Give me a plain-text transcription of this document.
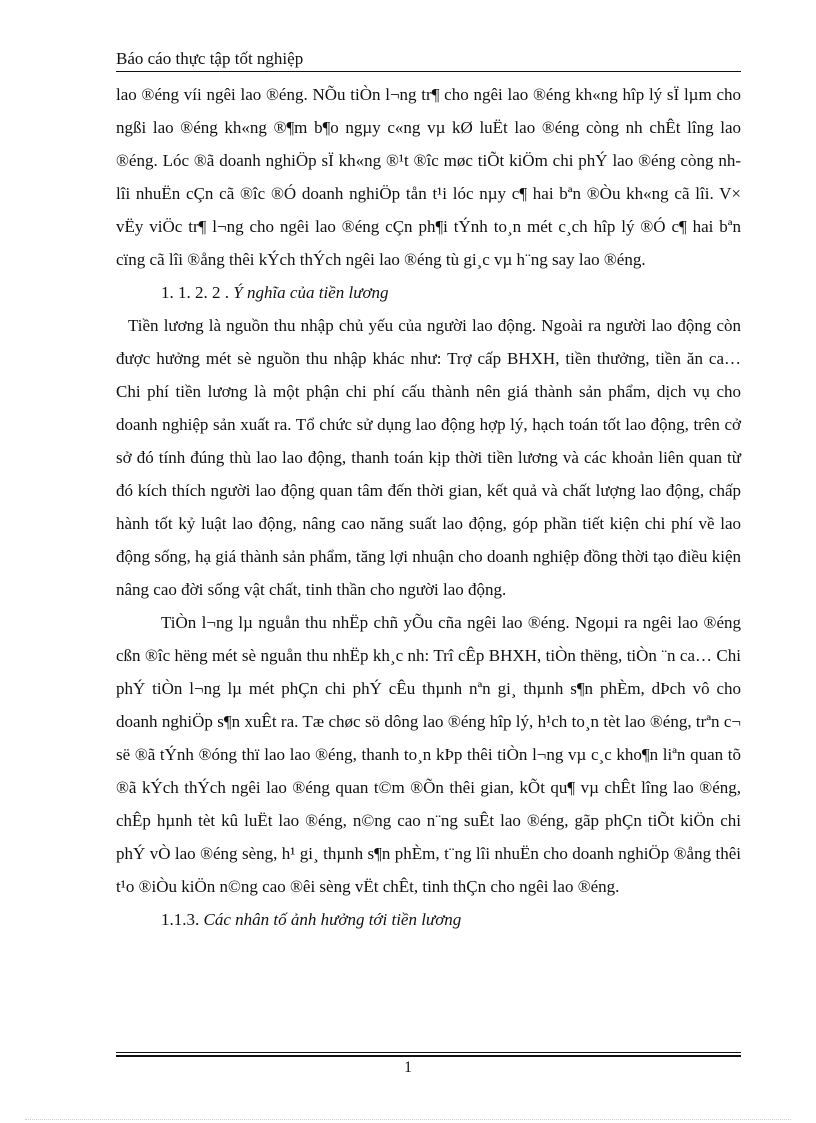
Báo cáo thực tập tốt nghiệp

lao ®éng víi ngêi lao ®éng. NÕu tiÒn l¬ng tr¶ cho ngêi lao ®éng kh«ng hîp lý sÏ lµm cho ngßi lao ®éng kh«ng ®¶m b¶o ngµy c«ng vµ kØ luËt lao ®éng còng nh chÊt lîng lao ®éng. Lóc ®ã doanh nghiÖp sÏ kh«ng ®¹t ®îc møc tiÕt kiÖm chi phÝ lao ®éng còng nh lîi nhuËn cÇn cã ®îc ®Ó doanh nghiÖp tån t¹i lóc nµy c¶ hai bªn ®Òu kh«ng cã lîi. V× vËy viÖc tr¶ l¬ng cho ngêi lao ®éng cÇn ph¶i tÝnh to¸n mét c¸ch hîp lý ®Ó c¶ hai bªn cïng cã lîi ®ång thêi kÝch thÝch ngêi lao ®éng tù gi¸c vµ h¨ng say lao ®éng.

1. 1. 2. 2 . Ý nghĩa của tiền lương

Tiền lương là nguồn thu nhập chủ yếu của người lao động. Ngoài ra người lao động còn được hưởng mét sè nguồn thu nhập khác như: Trợ cấp BHXH, tiền thưởng, tiền ăn ca… Chi phí tiền lương là một phận chi phí cấu thành nên giá thành sản phẩm, dịch vụ cho doanh nghiệp sản xuất ra. Tổ chức sử dụng lao động hợp lý, hạch toán tốt lao động, trên cở sở đó tính đúng thù lao lao động, thanh toán kịp thời tiền lương và các khoản liên quan từ đó kích thích người lao động quan tâm đến thời gian, kết quả và chất lượng lao động, chấp hành tốt kỷ luật lao động, nâng cao năng suất lao động, góp phần tiết kiện chi phí về lao động sống, hạ giá thành sản phẩm, tăng lợi nhuận cho doanh nghiệp đồng thời tạo điều kiện nâng cao đời sống vật chất, tinh thần cho người lao động.

TiÒn l¬ng lµ nguån thu nhËp chñ yÕu cña ngêi lao ®éng. Ngoµi ra ngêi lao ®éng cßn ®îc hëng mét sè nguån thu nhËp kh¸c nh: Trî cÊp BHXH, tiÒn thëng, tiÒn ¨n ca… Chi phÝ tiÒn l¬ng lµ mét phÇn chi phÝ cÊu thµnh nªn gi¸ thµnh s¶n phÈm, dÞch vô cho doanh nghiÖp s¶n xuÊt ra. Tæ chøc sö dông lao ®éng hîp lý, h¹ch to¸n tèt lao ®éng, trªn c¬ së ®ã tÝnh ®óng thï lao lao ®éng, thanh to¸n kÞp thêi tiÒn l¬ng vµ c¸c kho¶n liªn quan tõ ®ã kÝch thÝch ngêi lao ®éng quan t©m ®Õn thêi gian, kÕt qu¶ vµ chÊt lîng lao ®éng, chÊp hµnh tèt kû luËt lao ®éng, n©ng cao n¨ng suÊt lao ®éng, gãp phÇn tiÕt kiÖn chi phÝ vÒ lao ®éng sèng, h¹ gi¸ thµnh s¶n phÈm, t¨ng lîi nhuËn cho doanh nghiÖp ®ång thêi t¹o ®iÒu kiÖn n©ng cao ®êi sèng vËt chÊt, tinh thÇn cho ngêi lao ®éng.

1.1.3. Các nhân tố ảnh hưởng tới tiền lương

1
